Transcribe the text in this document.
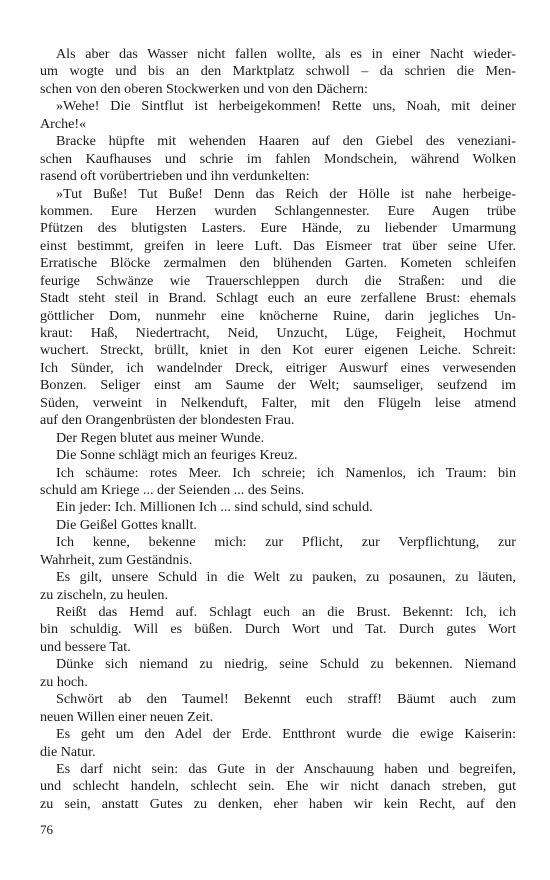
Als aber das Wasser nicht fallen wollte, als es in einer Nacht wieder-
um wogte und bis an den Marktplatz schwoll – da schrien die Men-
schen von den oberen Stockwerken und von den Dächern:
»Wehe! Die Sintflut ist herbeigekommen! Rette uns, Noah, mit deiner
Arche!«
Bracke hüpfte mit wehenden Haaren auf den Giebel des veneziani-
schen Kaufhauses und schrie im fahlen Mondschein, während Wolken
rasend oft vorübertrieben und ihn verdunkelten:
»Tut Buße! Tut Buße! Denn das Reich der Hölle ist nahe herbeige-
kommen. Eure Herzen wurden Schlangennester. Eure Augen trübe
Pfützen des blutigsten Lasters. Eure Hände, zu liebender Umarmung
einst bestimmt, greifen in leere Luft. Das Eismeer trat über seine Ufer.
Erratische Blöcke zermalmen den blühenden Garten. Kometen schleifen
feurige Schwänze wie Trauerschleppen durch die Straßen: und die
Stadt steht steil in Brand. Schlagt euch an eure zerfallene Brust: ehemals
göttlicher Dom, nunmehr eine knöcherne Ruine, darin jegliches Un-
kraut: Haß, Niedertracht, Neid, Unzucht, Lüge, Feigheit, Hochmut
wuchert. Streckt, brüllt, kniet in den Kot eurer eigenen Leiche. Schreit:
Ich Sünder, ich wandelnder Dreck, eitriger Auswurf eines verwesenden
Bonzen. Seliger einst am Saume der Welt; saumseliger, seufzend im
Süden, verweint in Nelkenduft, Falter, mit den Flügeln leise atmend
auf den Orangenbrüsten der blondesten Frau.
Der Regen blutet aus meiner Wunde.
Die Sonne schlägt mich an feuriges Kreuz.
Ich schäume: rotes Meer. Ich schreie; ich Namenlos, ich Traum: bin
schuld am Kriege ... der Seienden ... des Seins.
Ein jeder: Ich. Millionen Ich ... sind schuld, sind schuld.
Die Geißel Gottes knallt.
Ich kenne, bekenne mich: zur Pflicht, zur Verpflichtung, zur
Wahrheit, zum Geständnis.
Es gilt, unsere Schuld in die Welt zu pauken, zu posaunen, zu läuten,
zu zischeln, zu heulen.
Reißt das Hemd auf. Schlagt euch an die Brust. Bekennt: Ich, ich
bin schuldig. Will es büßen. Durch Wort und Tat. Durch gutes Wort
und bessere Tat.
Dünke sich niemand zu niedrig, seine Schuld zu bekennen. Niemand
zu hoch.
Schwört ab den Taumel! Bekennt euch straff! Bäumt auch zum
neuen Willen einer neuen Zeit.
Es geht um den Adel der Erde. Entthront wurde die ewige Kaiserin:
die Natur.
Es darf nicht sein: das Gute in der Anschauung haben und begreifen,
und schlecht handeln, schlecht sein. Ehe wir nicht danach streben, gut
zu sein, anstatt Gutes zu denken, eher haben wir kein Recht, auf den
76
